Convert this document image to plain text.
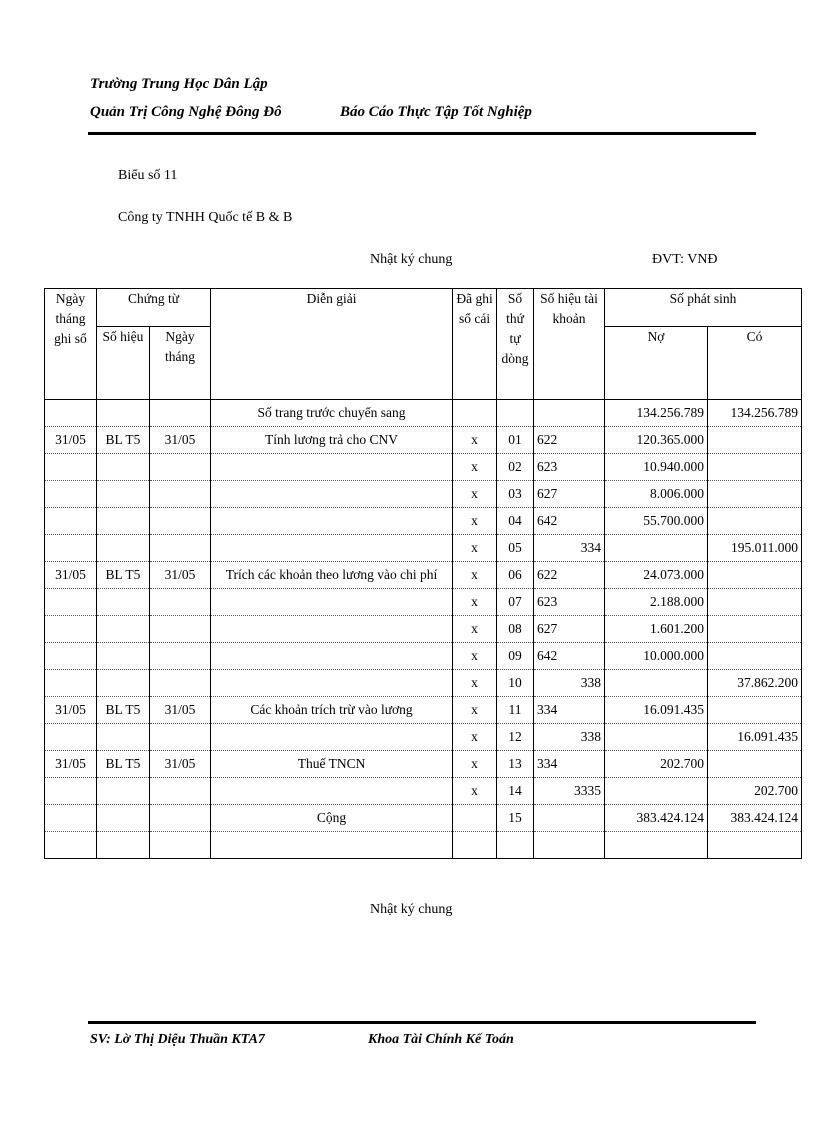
Trường Trung Học Dân Lập
Quản Trị Công Nghệ Đông Đô	Báo Cáo Thực Tập Tốt Nghiệp
Biểu số 11
Công ty TNHH Quốc tế B & B
Nhật ký chung	ĐVT: VNĐ
Ngày tháng ghi sổ	Chứng từ		Diễn giải	Đã ghi sổ cái	Số thứ tự dòng	Số hiệu tài khoản	Số phát sinh	
	Số hiệu	Ngày tháng					Nợ	Có
			Số trang trước chuyển sang				134.256.789	134.256.789
31/05	BL T5	31/05	Tính lương trả cho CNV	x	01	622	120.365.000	
				x	02	623	10.940.000	
				x	03	627	8.006.000	
				x	04	642	55.700.000	
				x	05	334		195.011.000
31/05	BL T5	31/05	Trích các khoản theo lương vào chi phí	x	06	622	24.073.000	
				x	07	623	2.188.000	
				x	08	627	1.601.200	
				x	09	642	10.000.000	
				x	10	338		37.862.200
31/05	BL T5	31/05	Các khoản trích trừ vào lương	x	11	334	16.091.435	
				x	12	338		16.091.435
31/05	BL T5	31/05	Thuế TNCN	x	13	334	202.700	
				x	14	3335		202.700
			Cộng		15		383.424.124	383.424.124

Nhật ký chung
SV: Lờ Thị Diệu Thuần KTA7	Khoa Tài Chính Kế Toán
